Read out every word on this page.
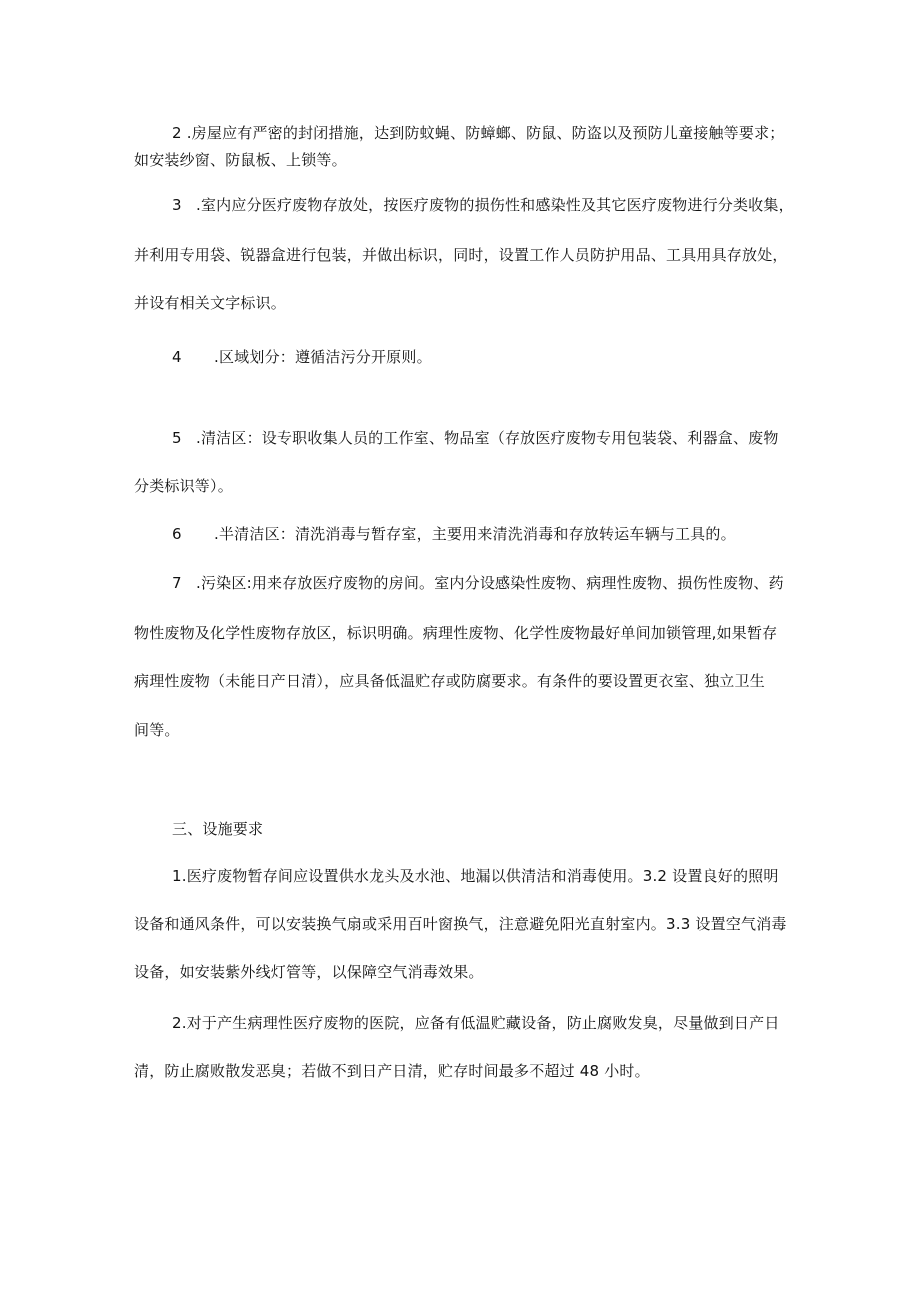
2 .房屋应有严密的封闭措施，达到防蚊蝇、防蟑螂、防鼠、防盗以及预防儿童接触等要求；
如安装纱窗、防鼠板、上锁等。
3 .室内应分医疗废物存放处，按医疗废物的损伤性和感染性及其它医疗废物进行分类收集，
并利用专用袋、锐器盒进行包装，并做出标识，同时，设置工作人员防护用品、工具用具存放处，
并设有相关文字标识。
4 .区域划分：遵循洁污分开原则。
5 .清洁区：设专职收集人员的工作室、物品室（存放医疗废物专用包装袋、利器盒、废物
分类标识等）。
6 .半清洁区：清洗消毒与暂存室，主要用来清洗消毒和存放转运车辆与工具的。
7 .污染区:用来存放医疗废物的房间。室内分设感染性废物、病理性废物、损伤性废物、药
物性废物及化学性废物存放区，标识明确。病理性废物、化学性废物最好单间加锁管理,如果暂存
病理性废物（未能日产日清），应具备低温贮存或防腐要求。有条件的要设置更衣室、独立卫生
间等。
三、设施要求
1.医疗废物暂存间应设置供水龙头及水池、地漏以供清洁和消毒使用。3.2 设置良好的照明
设备和通风条件，可以安装换气扇或采用百叶窗换气，注意避免阳光直射室内。3.3 设置空气消毒
设备，如安装紫外线灯管等，以保障空气消毒效果。
2.对于产生病理性医疗废物的医院，应备有低温贮藏设备，防止腐败发臭，尽量做到日产日
清，防止腐败散发恶臭；若做不到日产日清，贮存时间最多不超过 48 小时。
